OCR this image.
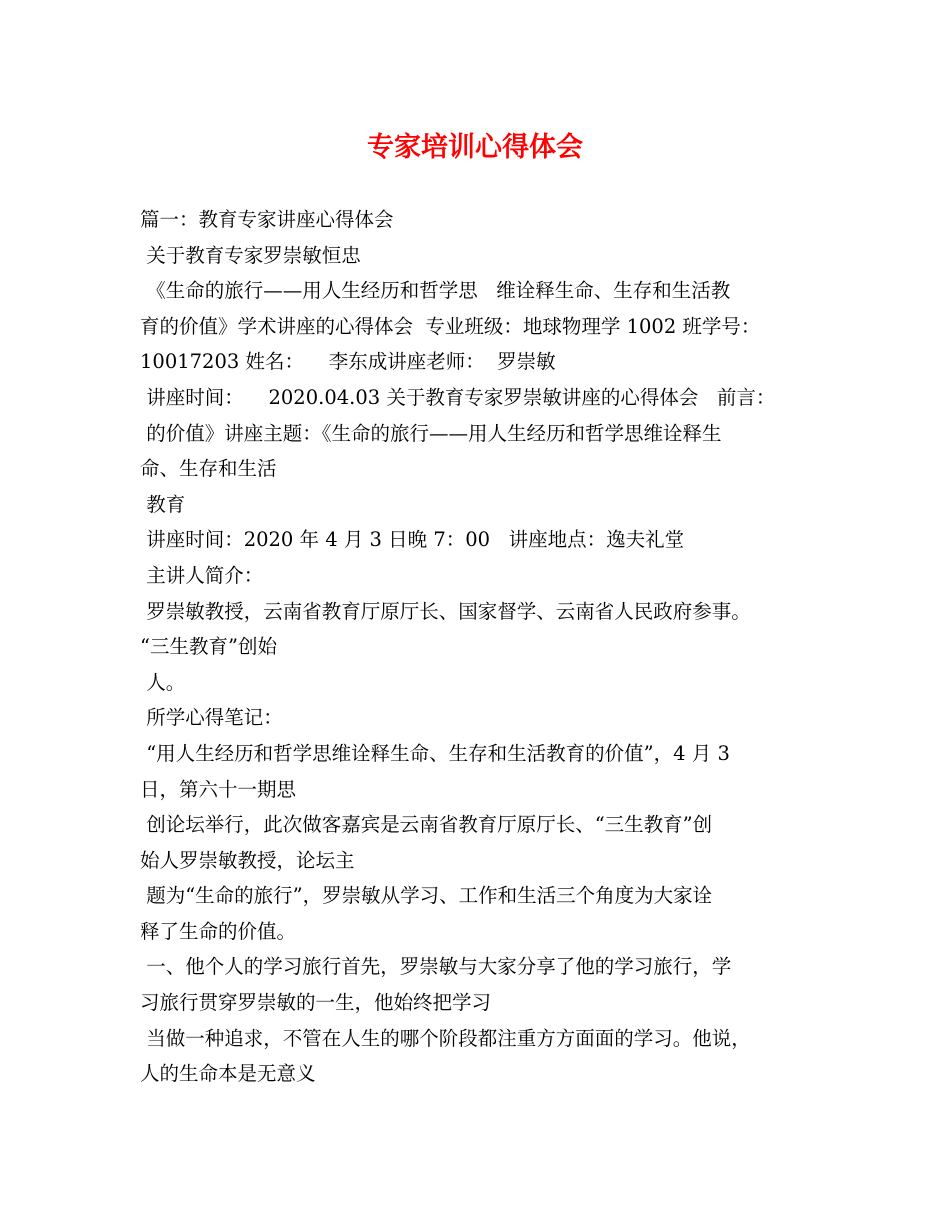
专家培训心得体会
篇一：教育专家讲座心得体会
关于教育专家罗崇敏恒忠
《生命的旅行——用人生经历和哲学思   维诠释生命、生存和生活教
育的价值》学术讲座的心得体会  专业班级：地球物理学 1002 班学号：
10017203 姓名：    李东成讲座老师：  罗崇敏
讲座时间：    2020.04.03 关于教育专家罗崇敏讲座的心得体会   前言：
的价值》讲座主题：《生命的旅行——用人生经历和哲学思维诠释生
命、生存和生活
教育
讲座时间：2020 年 4 月 3 日晚 7：00   讲座地点：逸夫礼堂
主讲人简介：
罗崇敏教授，云南省教育厅原厅长、国家督学、云南省人民政府参事。
“三生教育”创始
人。
所学心得笔记：
“用人生经历和哲学思维诠释生命、生存和生活教育的价值”，4 月 3
日，第六十一期思
创论坛举行，此次做客嘉宾是云南省教育厅原厅长、“三生教育”创
始人罗崇敏教授，论坛主
题为“生命的旅行”，罗崇敏从学习、工作和生活三个角度为大家诠
释了生命的价值。
一、他个人的学习旅行首先，罗崇敏与大家分享了他的学习旅行，学
习旅行贯穿罗崇敏的一生，他始终把学习
当做一种追求，不管在人生的哪个阶段都注重方方面面的学习。他说，
人的生命本是无意义
